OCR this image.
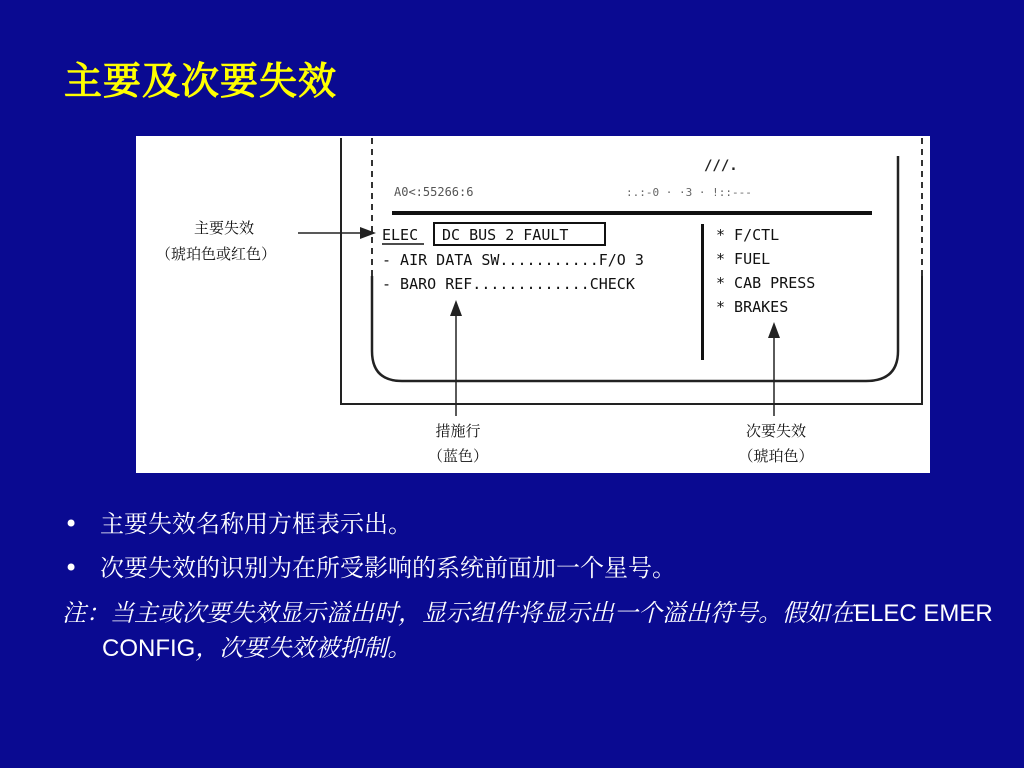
主要及次要失效
A0<:55266:6	:.:-0 · ·3 · !::---
///.
ELEC DC BUS 2 FAULT
- AIR DATA SW...........F/O 3
- BARO REF.............CHECK
* F/CTL
* FUEL
* CAB PRESS
* BRAKES
主要失效
（琥珀色或红色）
措施行
（蓝色）
次要失效
（琥珀色）
• 主要失效名称用方框表示出。
• 次要失效的识别为在所受影响的系统前面加一个星号。
注：当主或次要失效显示溢出时，显示组件将显示出一个溢出符号。假如在ELEC EMER CONFIG，次要失效被抑制。
